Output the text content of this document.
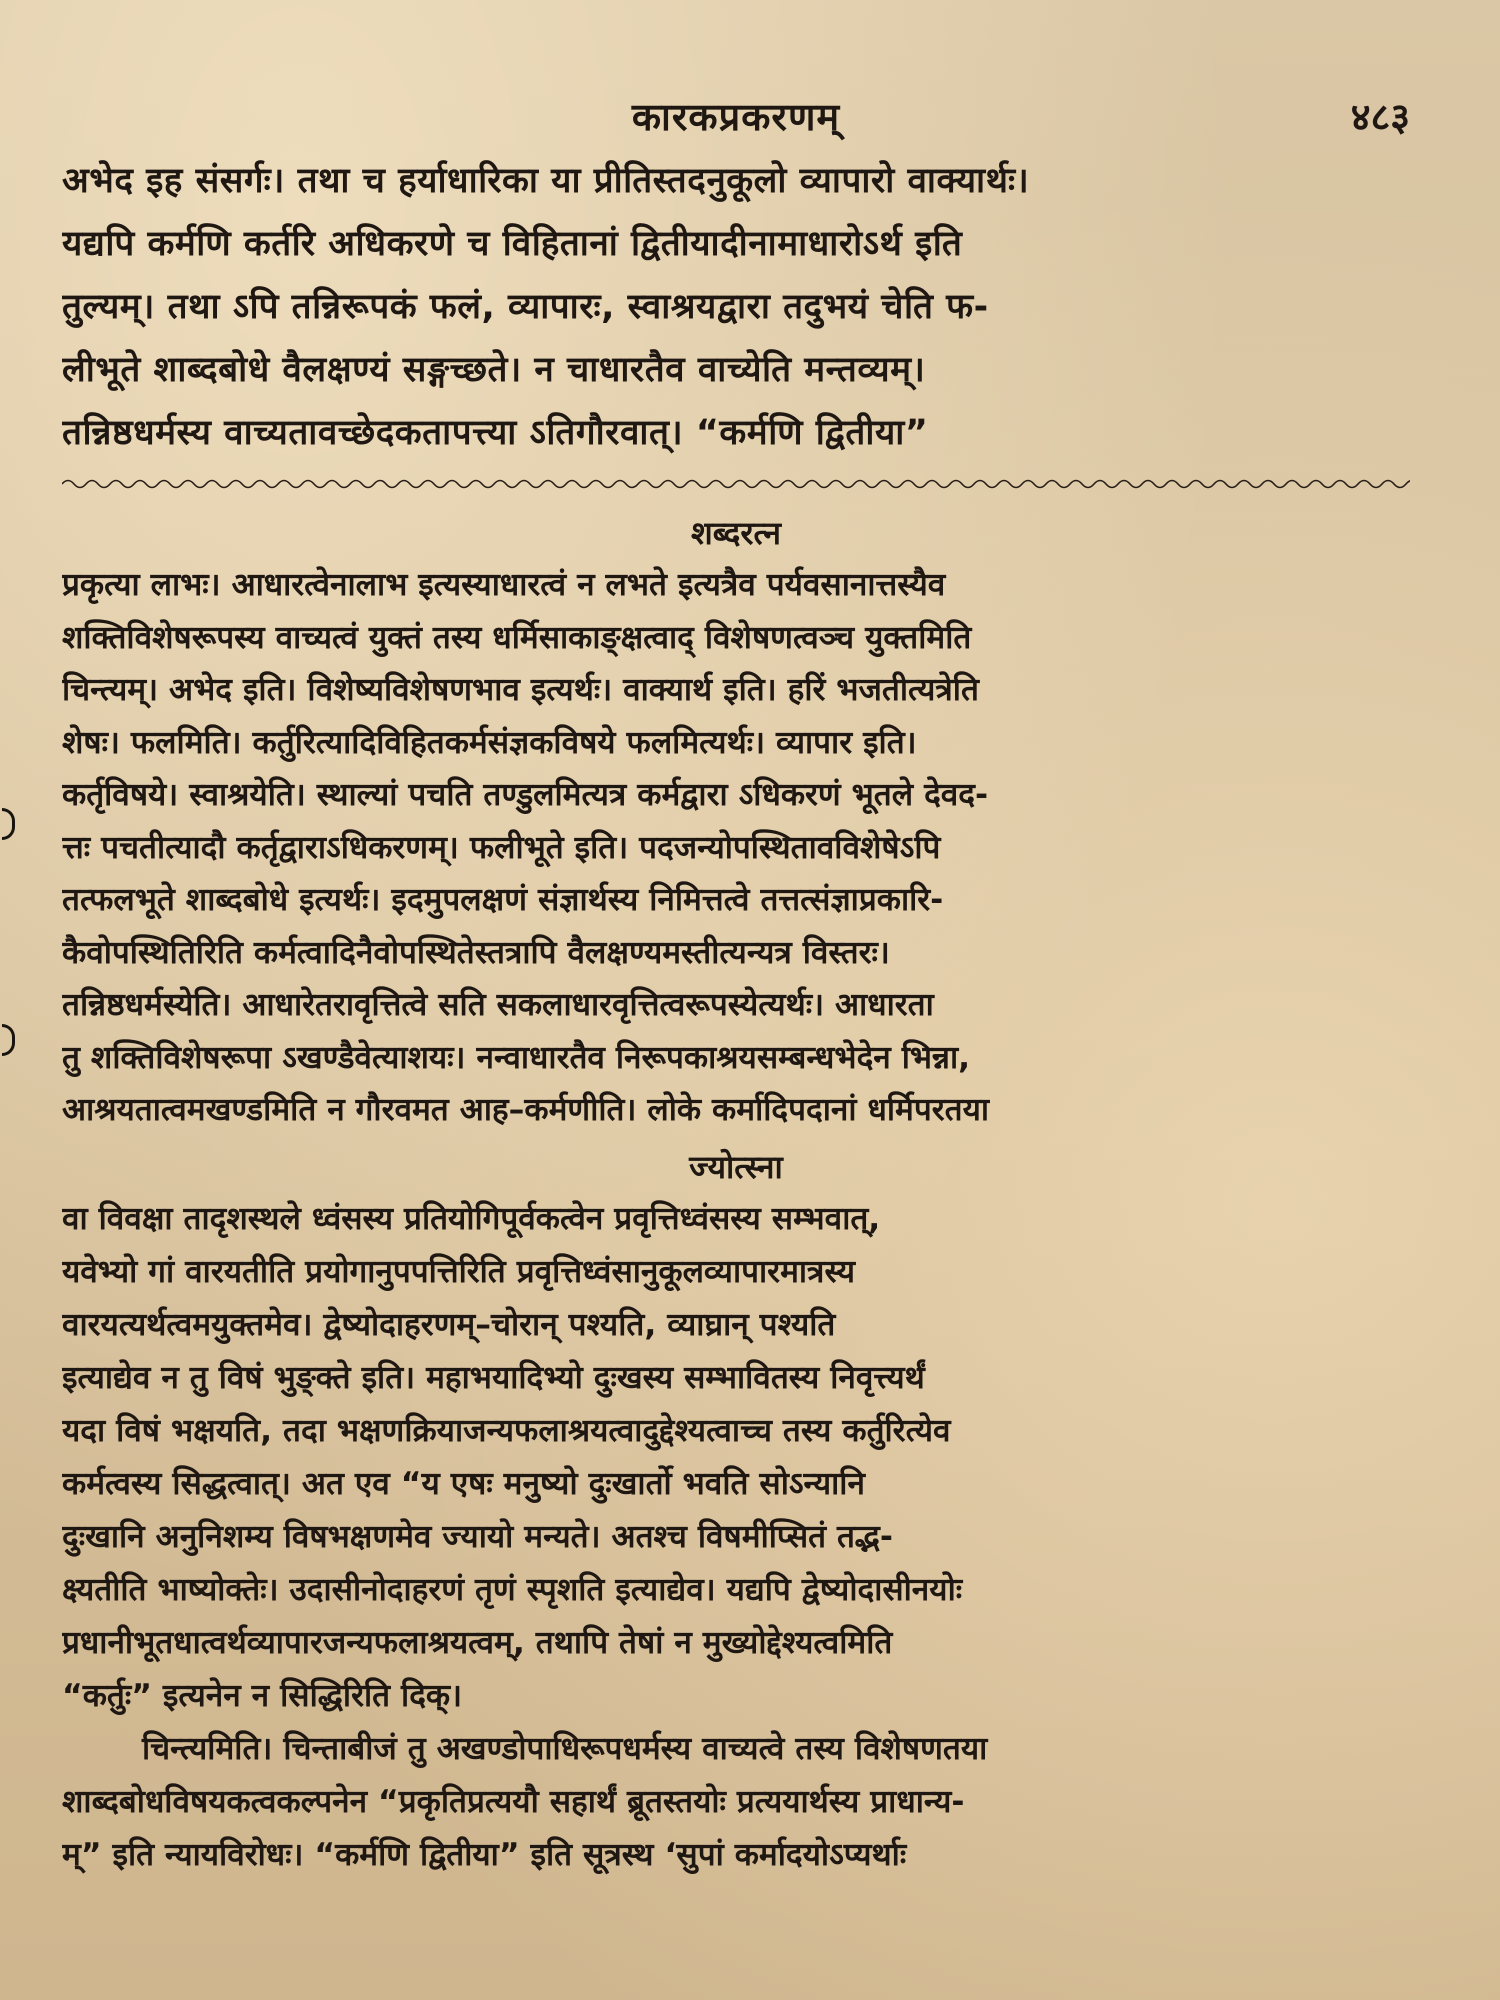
कारकप्रकरणम्	४८३
अभेद इह संसर्गः। तथा च हर्याधारिका या प्रीतिस्तदनुकूलो व्यापारो वाक्यार्थः।
यद्यपि कर्मणि कर्तरि अधिकरणे च विहितानां द्वितीयादीनामाधारोऽर्थ इति
तुल्यम्। तथा ऽपि तन्निरूपकं फलं, व्यापारः, स्वाश्रयद्वारा तदुभयं चेति फ-
लीभूते शाब्दबोधे वैलक्षण्यं सङ्गच्छते। न चाधारतैव वाच्येति मन्तव्यम्।
तन्निष्ठधर्मस्य वाच्यतावच्छेदकतापत्त्या ऽतिगौरवात्। “कर्मणि द्वितीया”
शब्दरत्न
प्रकृत्या लाभः। आधारत्वेनालाभ इत्यस्याधारत्वं न लभते इत्यत्रैव पर्यवसानात्तस्यैव
शक्तिविशेषरूपस्य वाच्यत्वं युक्तं तस्य धर्मिसाकाङ्क्षत्वाद् विशेषणत्वञ्च युक्तमिति
चिन्त्यम्। अभेद इति। विशेष्यविशेषणभाव इत्यर्थः। वाक्यार्थ इति। हरिं भजतीत्यत्रेति
शेषः। फलमिति। कर्तुरित्यादिविहितकर्मसंज्ञकविषये फलमित्यर्थः। व्यापार इति।
कर्तृविषये। स्वाश्रयेति। स्थाल्यां पचति तण्डुलमित्यत्र कर्मद्वारा ऽधिकरणं भूतले देवद-
त्तः पचतीत्यादौ कर्तृद्वाराऽधिकरणम्। फलीभूते इति। पदजन्योपस्थितावविशेषेऽपि
तत्फलभूते शाब्दबोधे इत्यर्थः। इदमुपलक्षणं संज्ञार्थस्य निमित्तत्वे तत्तत्संज्ञाप्रकारि-
कैवोपस्थितिरिति कर्मत्वादिनैवोपस्थितेस्तत्रापि वैलक्षण्यमस्तीत्यन्यत्र विस्तरः।
तन्निष्ठधर्मस्येति। आधारेतरावृत्तित्वे सति सकलाधारवृत्तित्वरूपस्येत्यर्थः। आधारता
तु शक्तिविशेषरूपा ऽखण्डैवेत्याशयः। नन्वाधारतैव निरूपकाश्रयसम्बन्धभेदेन भिन्ना,
आश्रयतात्वमखण्डमिति न गौरवमत आह–कर्मणीति। लोके कर्मादिपदानां धर्मिपरतया
ज्योत्स्ना
वा विवक्षा तादृशस्थले ध्वंसस्य प्रतियोगिपूर्वकत्वेन प्रवृत्तिध्वंसस्य सम्भवात्,
यवेभ्यो गां वारयतीति प्रयोगानुपपत्तिरिति प्रवृत्तिध्वंसानुकूलव्यापारमात्रस्य
वारयत्यर्थत्वमयुक्तमेव। द्वेष्योदाहरणम्–चोरान् पश्यति, व्याघ्रान् पश्यति
इत्याद्येव न तु विषं भुङ्क्ते इति। महाभयादिभ्यो दुःखस्य सम्भावितस्य निवृत्त्यर्थं
यदा विषं भक्षयति, तदा भक्षणक्रियाजन्यफलाश्रयत्वादुद्देश्यत्वाच्च तस्य कर्तुरित्येव
कर्मत्वस्य सिद्धत्वात्। अत एव “य एषः मनुष्यो दुःखार्तो भवति सोऽन्यानि
दुःखानि अनुनिशम्य विषभक्षणमेव ज्यायो मन्यते। अतश्च विषमीप्सितं तद्भ-
क्ष्यतीति भाष्योक्तेः। उदासीनोदाहरणं तृणं स्पृशति इत्याद्येव। यद्यपि द्वेष्योदासीनयोः
प्रधानीभूतधात्वर्थव्यापारजन्यफलाश्रयत्वम्, तथापि तेषां न मुख्योद्देश्यत्वमिति
“कर्तुः” इत्यनेन न सिद्धिरिति दिक्।
चिन्त्यमिति। चिन्ताबीजं तु अखण्डोपाधिरूपधर्मस्य वाच्यत्वे तस्य विशेषणतया
शाब्दबोधविषयकत्वकल्पनेन “प्रकृतिप्रत्ययौ सहार्थं ब्रूतस्तयोः प्रत्ययार्थस्य प्राधान्य-
म्” इति न्यायविरोधः। “कर्मणि द्वितीया” इति सूत्रस्थ ‘सुपां कर्मादयोऽप्यर्थाः
